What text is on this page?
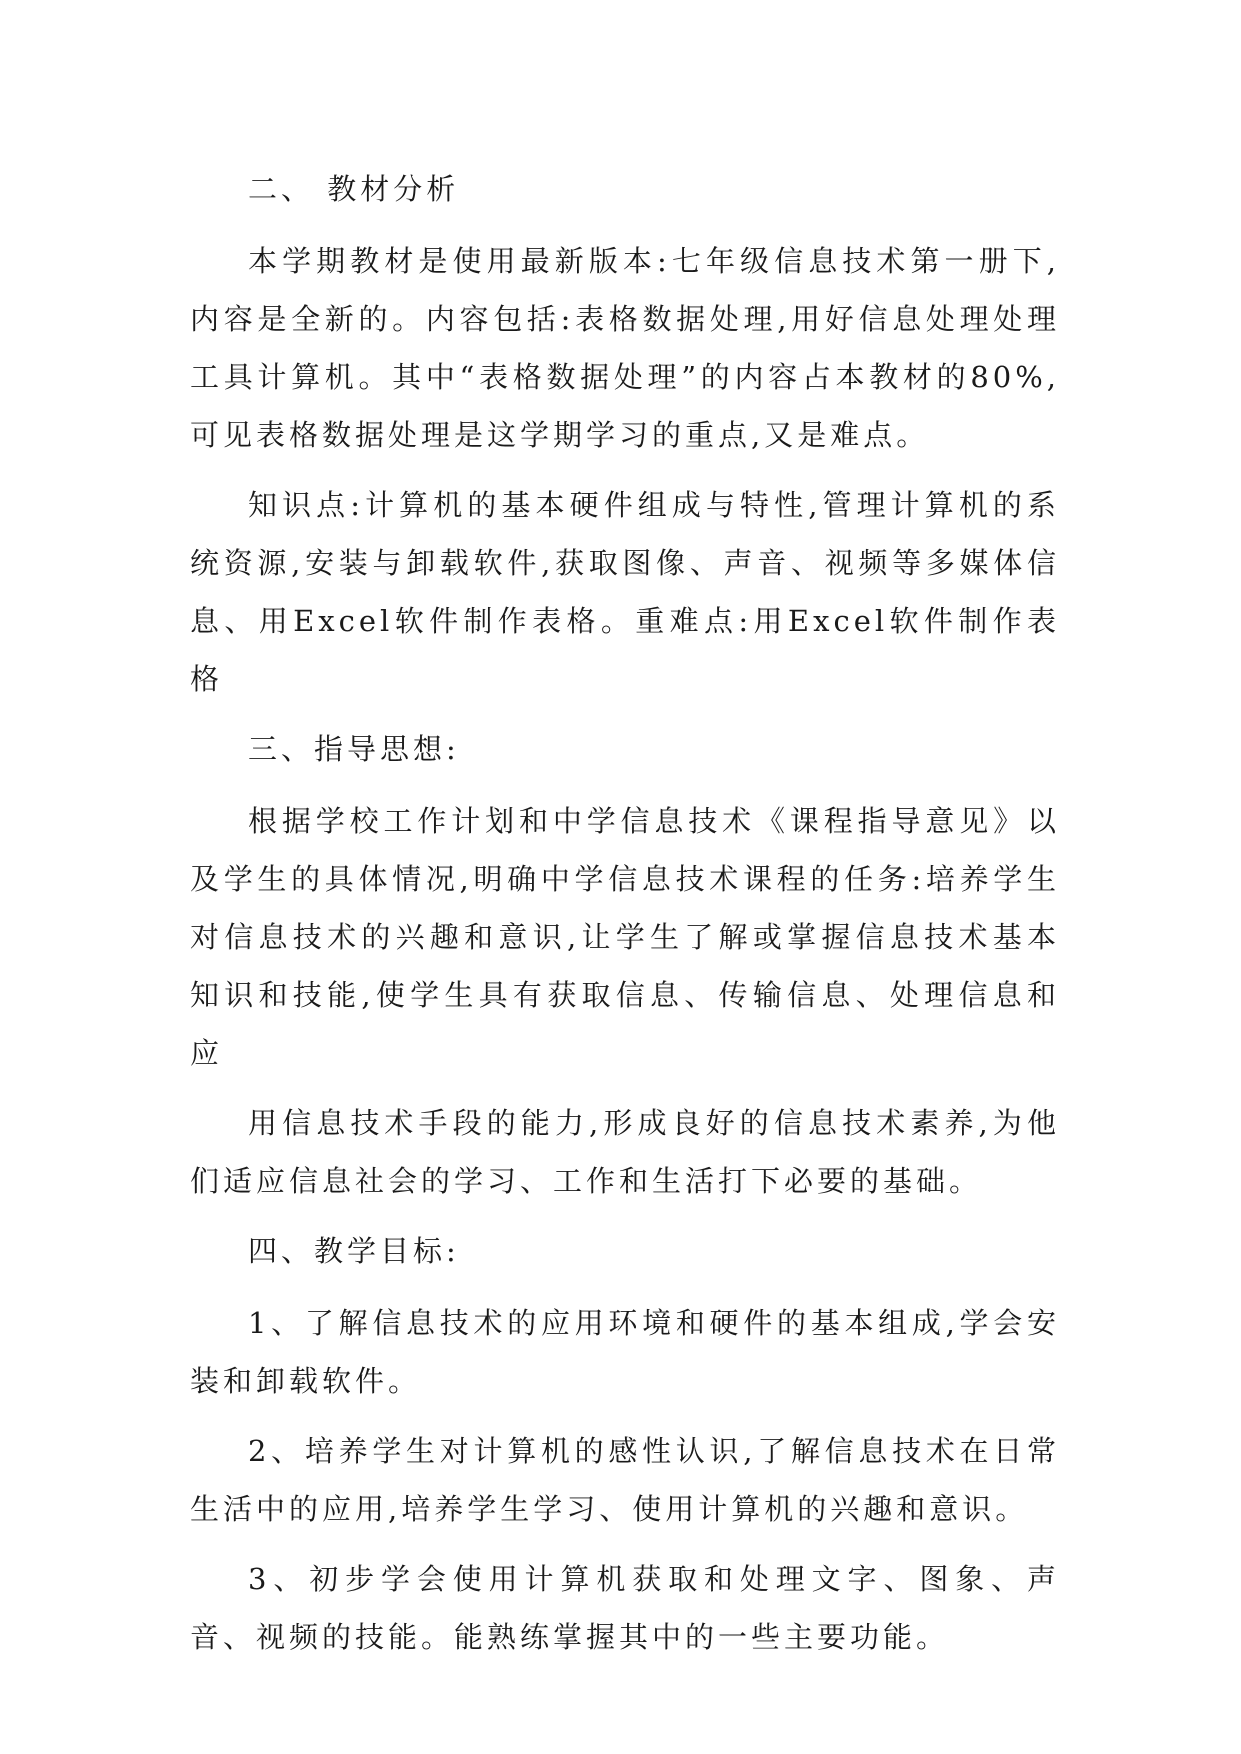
二、 教材分析

本学期教材是使用最新版本:七年级信息技术第一册下,内容是全新的。内容包括:表格数据处理,用好信息处理处理工具计算机。其中“表格数据处理”的内容占本教材的80%,可见表格数据处理是这学期学习的重点,又是难点。

知识点:计算机的基本硬件组成与特性,管理计算机的系统资源,安装与卸载软件,获取图像、声音、视频等多媒体信息、用Excel软件制作表格。重难点:用Excel软件制作表格

三、指导思想:

根据学校工作计划和中学信息技术《课程指导意见》以及学生的具体情况,明确中学信息技术课程的任务:培养学生对信息技术的兴趣和意识,让学生了解或掌握信息技术基本知识和技能,使学生具有获取信息、传输信息、处理信息和应

用信息技术手段的能力,形成良好的信息技术素养,为他们适应信息社会的学习、工作和生活打下必要的基础。

四、教学目标:

1、了解信息技术的应用环境和硬件的基本组成,学会安装和卸载软件。

2、培养学生对计算机的感性认识,了解信息技术在日常生活中的应用,培养学生学习、使用计算机的兴趣和意识。

3、初步学会使用计算机获取和处理文字、图象、声音、视频的技能。能熟练掌握其中的一些主要功能。
